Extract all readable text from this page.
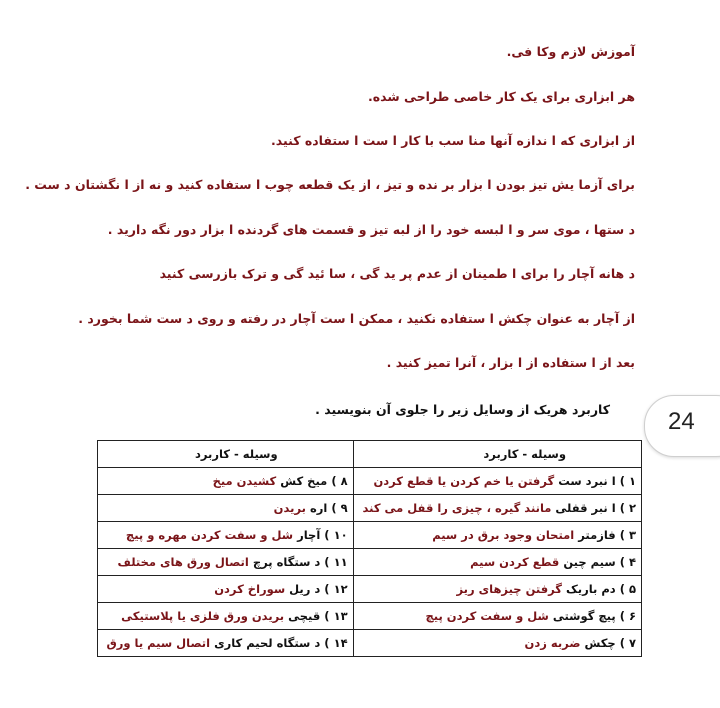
آموزش لازم وکا فی.
هر ابزاری برای یک کار خاصی طراحی شده.
از ابزاری که ا ندازه آنها منا سب با کار ا ست ا ستفاده کنید.
برای آزما یش تیز بودن ا بزار بر نده و تیز ، از یک قطعه چوب ا ستفاده کنید و نه از ا نگشتان د ست .
د ستها ، موی سر و ا لبسه خود را از لبه تیز و قسمت های گردنده ا بزار دور نگه دارید .
د هانه آچار را برای ا طمینان از عدم پر ید گی ، سا ئید گی و ترک بازرسی کنید
از آچار به عنوان چکش ا ستفاده نکنید ، ممکن ا ست آچار در رفته و روی د ست شما بخورد .
بعد از ا ستفاده از ا بزار ، آنرا تمیز کنید .
کاربرد هریک از وسایل زیر را جلوی آن بنویسید . 24
وسیله - کاربرد	وسیله - کاربرد
۱ ) ا نبرد ست گرفتن یا خم کردن یا قطع کردن	۸ ) میخ کش کشیدن میخ
۲ ) ا نبر قفلی مانند گیره ، چیزی را قفل می کند	۹ ) اره بریدن
۳ ) فازمتر امتحان وجود برق در سیم	۱۰ ) آچار شل و سفت کردن مهره و پیچ
۴ ) سیم چین قطع کردن سیم	۱۱ ) د ستگاه پرچ اتصال ورق های مختلف
۵ ) دم باریک گرفتن چیزهای ریز	۱۲ ) د ریل سوراخ کردن
۶ ) پیچ گوشتی شل و سفت کردن پیچ	۱۳ ) قیچی بریدن ورق فلزی یا پلاستیکی
۷ ) چکش ضربه زدن	۱۴ ) د ستگاه لحیم کاری اتصال سیم یا ورق
